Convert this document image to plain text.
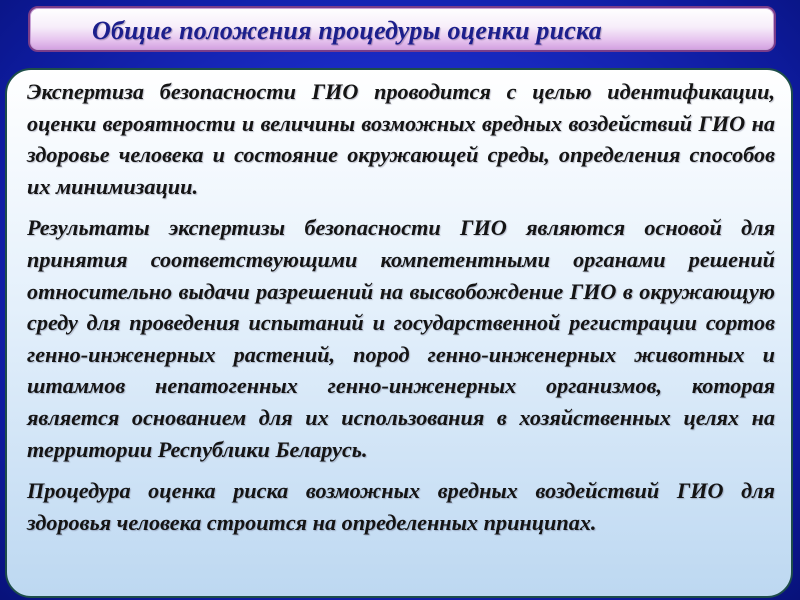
Общие положения процедуры оценки риска

Экспертиза безопасности ГИО проводится с целью идентификации, оценки вероятности и величины возможных вредных воздействий ГИО на здоровье человека и состояние окружающей среды, определения способов их минимизации.

Результаты экспертизы безопасности ГИО являются основой для принятия соответствующими компетентными органами решений относительно выдачи разрешений на высвобождение ГИО в окружающую среду для проведения испытаний и государственной регистрации сортов генно-инженерных растений, пород генно-инженерных животных и штаммов непатогенных генно-инженерных организмов, которая является основанием для их использования в хозяйственных целях на территории Республики Беларусь.

Процедура оценка риска возможных вредных воздействий ГИО для здоровья человека строится на определенных принципах.
